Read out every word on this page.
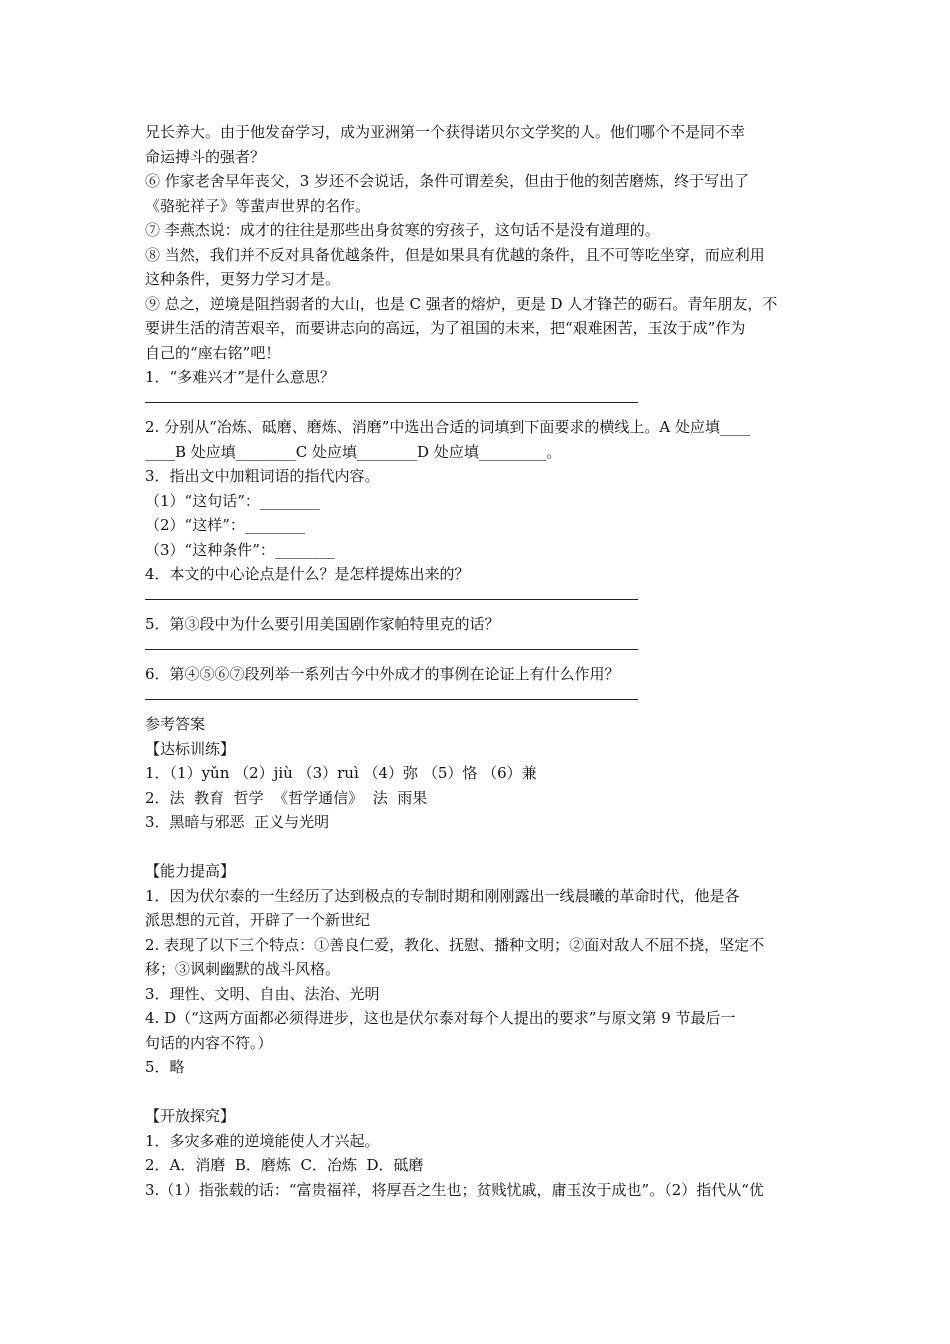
兄长养大。由于他发奋学习，成为亚洲第一个获得诺贝尔文学奖的人。他们哪个不是同不幸
命运搏斗的强者？
⑥ 作家老舍早年丧父，3 岁还不会说话，条件可谓差矣，但由于他的刻苦磨炼，终于写出了
《骆驼祥子》等蜚声世界的名作。
⑦ 李燕杰说：成才的往往是那些出身贫寒的穷孩子，这句话不是没有道理的。
⑧ 当然，我们并不反对具备优越条件，但是如果具有优越的条件，且不可等吃坐穿，而应利用
这种条件，更努力学习才是。
⑨ 总之，逆境是阻挡弱者的大山，也是 C 强者的熔炉，更是 D 人才锋芒的砺石。青年朋友，不
要讲生活的清苦艰辛，而要讲志向的高远，为了祖国的未来，把“艰难困苦，玉汝于成”作为
自己的“座右铭”吧！
1．“多难兴才”是什么意思？
2. 分别从“冶炼、砥磨、磨炼、消磨”中选出合适的词填到下面要求的横线上。A 处应填____
____B 处应填________C 处应填________D 处应填_________。
3．指出文中加粗词语的指代内容。
（1）“这句话”：________
（2）“这样”：________
（3）“这种条件”：________
4．本文的中心论点是什么？是怎样提炼出来的？
5．第③段中为什么要引用美国剧作家帕特里克的话？
6．第④⑤⑥⑦段列举一系列古今中外成才的事例在论证上有什么作用？
参考答案
【达标训练】
1．（1）yǔn （2）jiù （3）ruì （4）弥 （5）恪 （6）兼
2．法  教育  哲学  《哲学通信》  法  雨果
3．黑暗与邪恶  正义与光明
【能力提高】
1．因为伏尔泰的一生经历了达到极点的专制时期和刚刚露出一线晨曦的革命时代，他是各
派思想的元首，开辟了一个新世纪
2. 表现了以下三个特点：①善良仁爱，教化、抚慰、播种文明；②面对敌人不屈不挠，坚定不
移；③讽刺幽默的战斗风格。
3．理性、文明、自由、法治、光明
4. D（“这两方面都必须得进步，这也是伏尔泰对每个人提出的要求”与原文第 9 节最后一
句话的内容不符。）
5．略
【开放探究】
1．多灾多难的逆境能使人才兴起。
2．A．消磨  B．磨炼  C．冶炼  D．砥磨
3.（1）指张载的话：“富贵福祥，将厚吾之生也；贫贱忧戚，庸玉汝于成也”。（2）指代从“优
